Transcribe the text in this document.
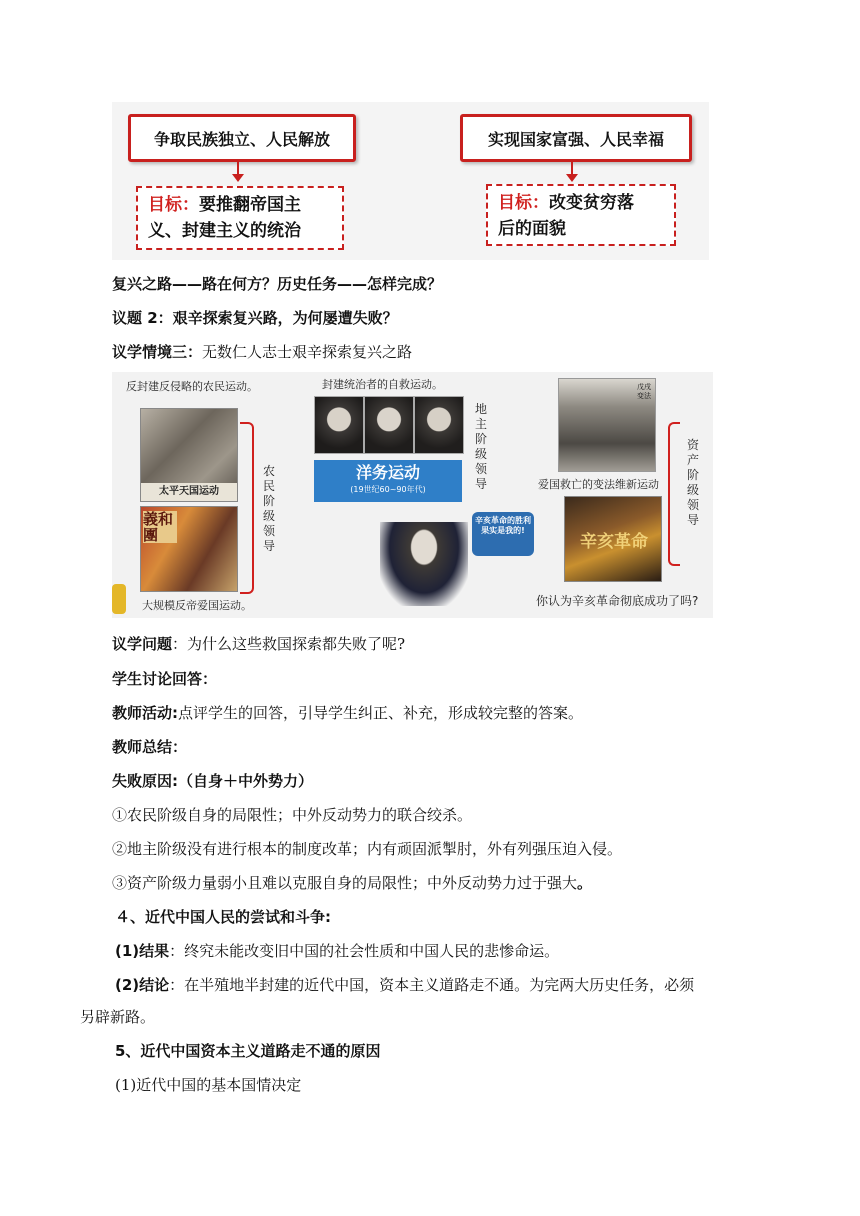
争取民族独立、人民解放
目标：要推翻帝国主
义、封建主义的统治
实现国家富强、人民幸福
目标：改变贫穷落
后的面貌
复兴之路——路在何方？历史任务——怎样完成？
议题 2：艰辛探索复兴路，为何屡遭失败？
议学情境三：无数仁人志士艰辛探索复兴之路
反封建反侵略的农民运动。
太平天国运动
義和團
大规模反帝爱国运动。
农民阶级领导
封建统治者的自救运动。
洋务运动
(19世纪60~90年代)
地主阶级领导
辛亥革命的胜利果实是我的!
戊戌变法
爱国救亡的变法维新运动
辛亥革命
资产阶级领导
你认为辛亥革命彻底成功了吗?
议学问题：为什么这些救国探索都失败了呢?
学生讨论回答：
教师活动:点评学生的回答，引导学生纠正、补充，形成较完整的答案。
教师总结：
失败原因:（自身＋中外势力）
①农民阶级自身的局限性；中外反动势力的联合绞杀。
②地主阶级没有进行根本的制度改革；内有顽固派掣肘，外有列强压迫入侵。
③资产阶级力量弱小且难以克服自身的局限性；中外反动势力过于强大。
４、近代中国人民的尝试和斗争:
(1)结果：终究未能改变旧中国的社会性质和中国人民的悲惨命运。
(2)结论：在半殖地半封建的近代中国，资本主义道路走不通。为完两大历史任务，必须
另辟新路。
5、近代中国资本主义道路走不通的原因
(1)近代中国的基本国情决定
